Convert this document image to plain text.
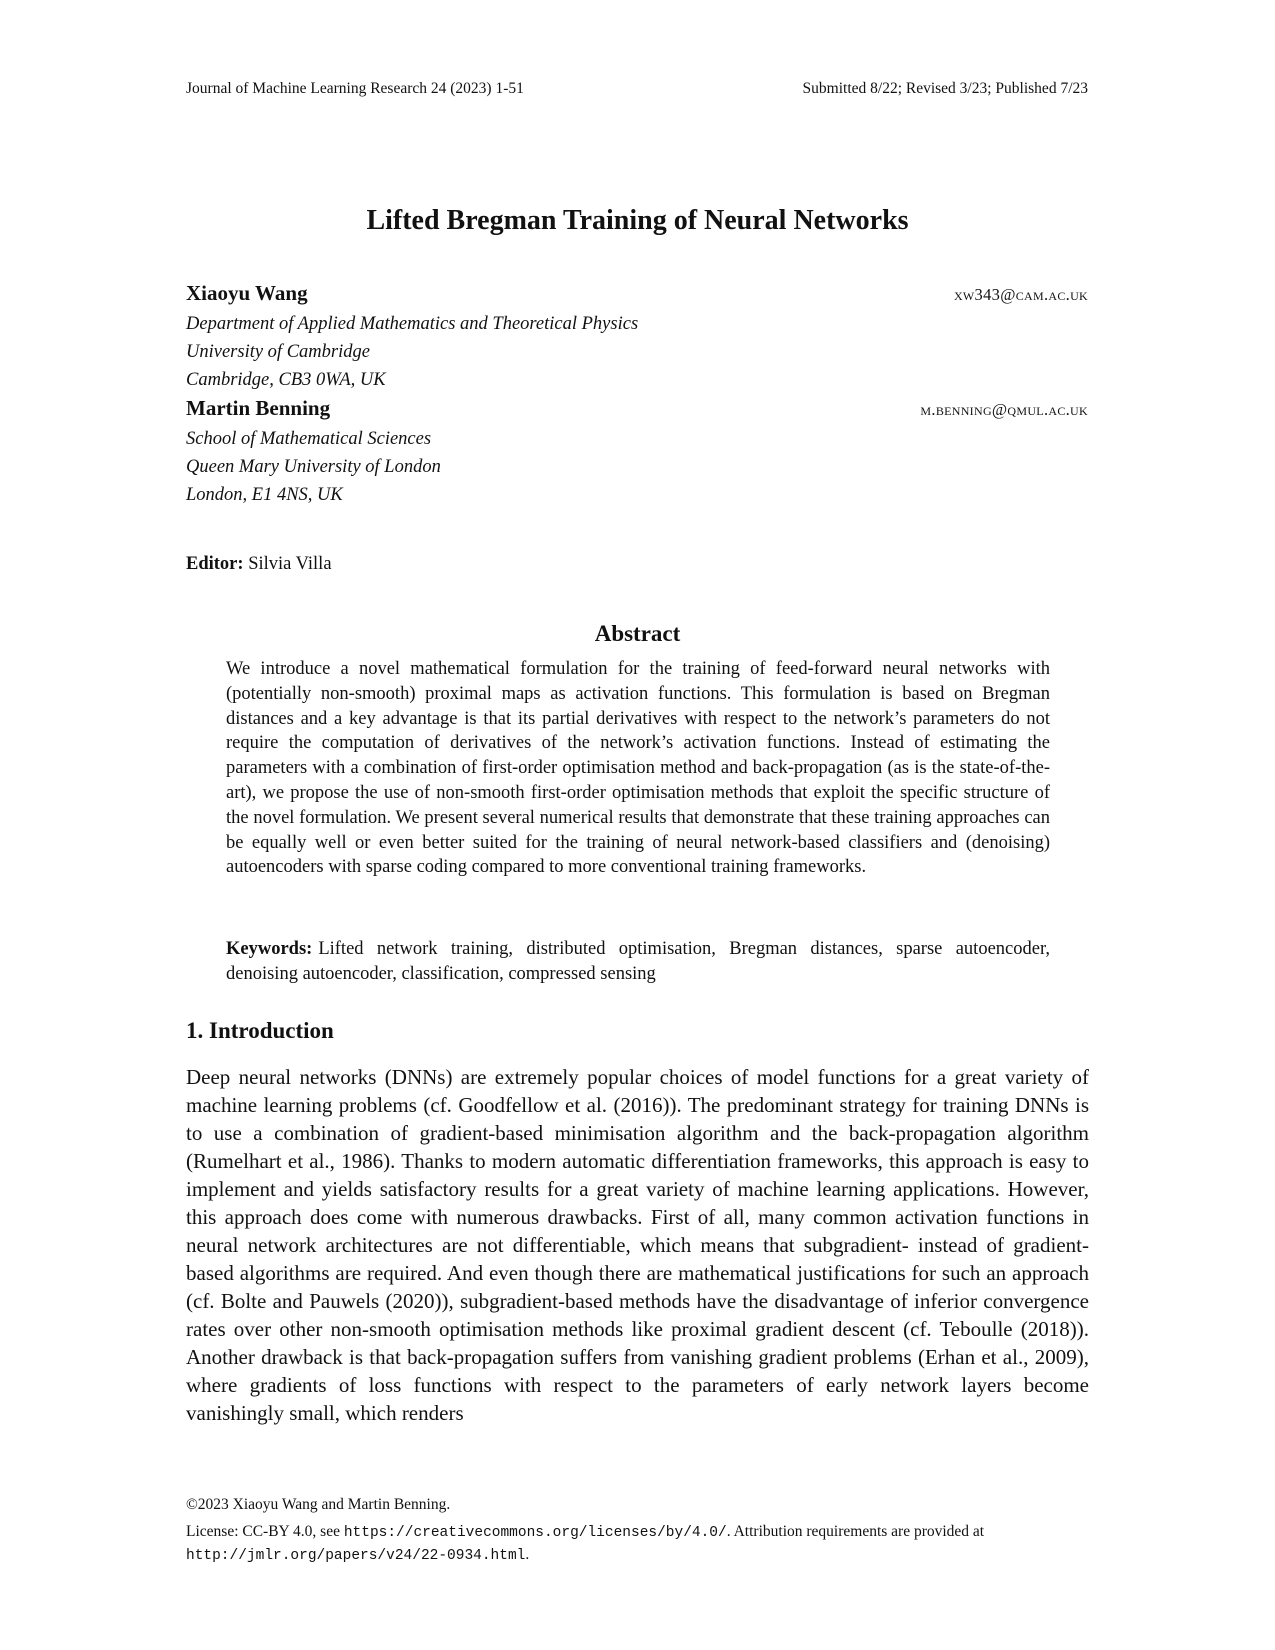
Journal of Machine Learning Research 24 (2023) 1-51	Submitted 8/22; Revised 3/23; Published 7/23
Lifted Bregman Training of Neural Networks
Xiaoyu Wang	xw343@cam.ac.uk
Department of Applied Mathematics and Theoretical Physics
University of Cambridge
Cambridge, CB3 0WA, UK
Martin Benning	m.benning@qmul.ac.uk
School of Mathematical Sciences
Queen Mary University of London
London, E1 4NS, UK
Editor: Silvia Villa
Abstract
We introduce a novel mathematical formulation for the training of feed-forward neural networks with (potentially non-smooth) proximal maps as activation functions. This formulation is based on Bregman distances and a key advantage is that its partial derivatives with respect to the network’s parameters do not require the computation of derivatives of the network’s activation functions. Instead of estimating the parameters with a combination of first-order optimisation method and back-propagation (as is the state-of-the-art), we propose the use of non-smooth first-order optimisation methods that exploit the specific structure of the novel formulation. We present several numerical results that demonstrate that these training approaches can be equally well or even better suited for the training of neural network-based classifiers and (denoising) autoencoders with sparse coding compared to more conventional training frameworks.
Keywords: Lifted network training, distributed optimisation, Bregman distances, sparse autoencoder, denoising autoencoder, classification, compressed sensing
1. Introduction
Deep neural networks (DNNs) are extremely popular choices of model functions for a great variety of machine learning problems (cf. Goodfellow et al. (2016)). The predominant strategy for training DNNs is to use a combination of gradient-based minimisation algorithm and the back-propagation algorithm (Rumelhart et al., 1986). Thanks to modern automatic differentiation frameworks, this approach is easy to implement and yields satisfactory results for a great variety of machine learning applications. However, this approach does come with numerous drawbacks. First of all, many common activation functions in neural network architectures are not differentiable, which means that subgradient- instead of gradient-based algorithms are required. And even though there are mathematical justifications for such an approach (cf. Bolte and Pauwels (2020)), subgradient-based methods have the disadvantage of inferior convergence rates over other non-smooth optimisation methods like proximal gradient descent (cf. Teboulle (2018)). Another drawback is that back-propagation suffers from vanishing gradient problems (Erhan et al., 2009), where gradients of loss functions with respect to the parameters of early network layers become vanishingly small, which renders
©2023 Xiaoyu Wang and Martin Benning.
License: CC-BY 4.0, see https://creativecommons.org/licenses/by/4.0/. Attribution requirements are provided at http://jmlr.org/papers/v24/22-0934.html.
